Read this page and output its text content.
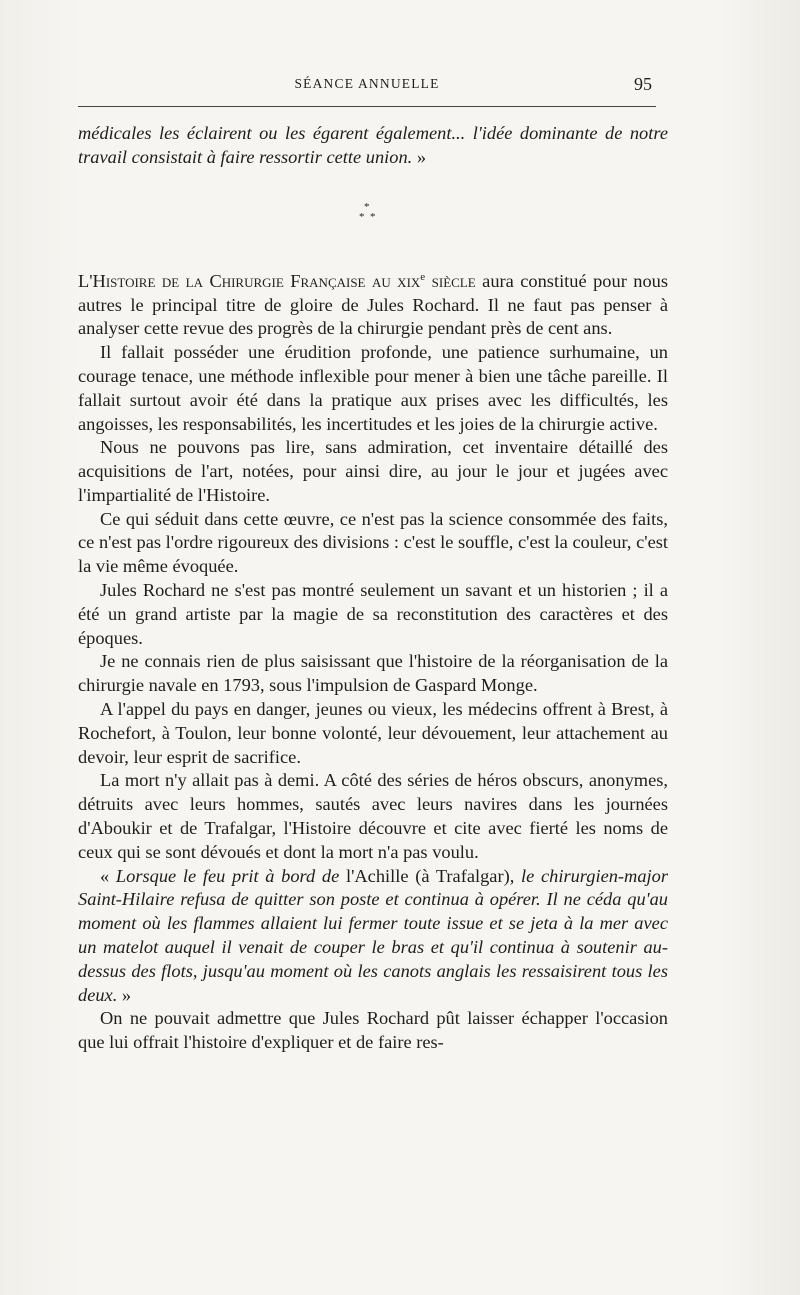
SÉANCE ANNUELLE	95

médicales les éclairent ou les égarent également... l'idée dominante de notre travail consistait à faire ressortir cette union. »

*
* *

L'Histoire de la Chirurgie Française au xix$^e$ siècle aura constitué pour nous autres le principal titre de gloire de Jules Rochard. Il ne faut pas penser à analyser cette revue des progrès de la chirurgie pendant près de cent ans.

Il fallait posséder une érudition profonde, une patience surhumaine, un courage tenace, une méthode inflexible pour mener à bien une tâche pareille. Il fallait surtout avoir été dans la pratique aux prises avec les difficultés, les angoisses, les responsabilités, les incertitudes et les joies de la chirurgie active.

Nous ne pouvons pas lire, sans admiration, cet inventaire détaillé des acquisitions de l'art, notées, pour ainsi dire, au jour le jour et jugées avec l'impartialité de l'Histoire.

Ce qui séduit dans cette œuvre, ce n'est pas la science consommée des faits, ce n'est pas l'ordre rigoureux des divisions : c'est le souffle, c'est la couleur, c'est la vie même évoquée.

Jules Rochard ne s'est pas montré seulement un savant et un historien ; il a été un grand artiste par la magie de sa reconstitution des caractères et des époques.

Je ne connais rien de plus saisissant que l'histoire de la réorganisation de la chirurgie navale en 1793, sous l'impulsion de Gaspard Monge.

A l'appel du pays en danger, jeunes ou vieux, les médecins offrent à Brest, à Rochefort, à Toulon, leur bonne volonté, leur dévouement, leur attachement au devoir, leur esprit de sacrifice.

La mort n'y allait pas à demi. A côté des séries de héros obscurs, anonymes, détruits avec leurs hommes, sautés avec leurs navires dans les journées d'Aboukir et de Trafalgar, l'Histoire découvre et cite avec fierté les noms de ceux qui se sont dévoués et dont la mort n'a pas voulu.

« Lorsque le feu prit à bord de l'Achille (à Trafalgar), le chirurgien-major Saint-Hilaire refusa de quitter son poste et continua à opérer. Il ne céda qu'au moment où les flammes allaient lui fermer toute issue et se jeta à la mer avec un matelot auquel il venait de couper le bras et qu'il continua à soutenir au-dessus des flots, jusqu'au moment où les canots anglais les ressaisirent tous les deux. »

On ne pouvait admettre que Jules Rochard pût laisser échapper l'occasion que lui offrait l'histoire d'expliquer et de faire res-
